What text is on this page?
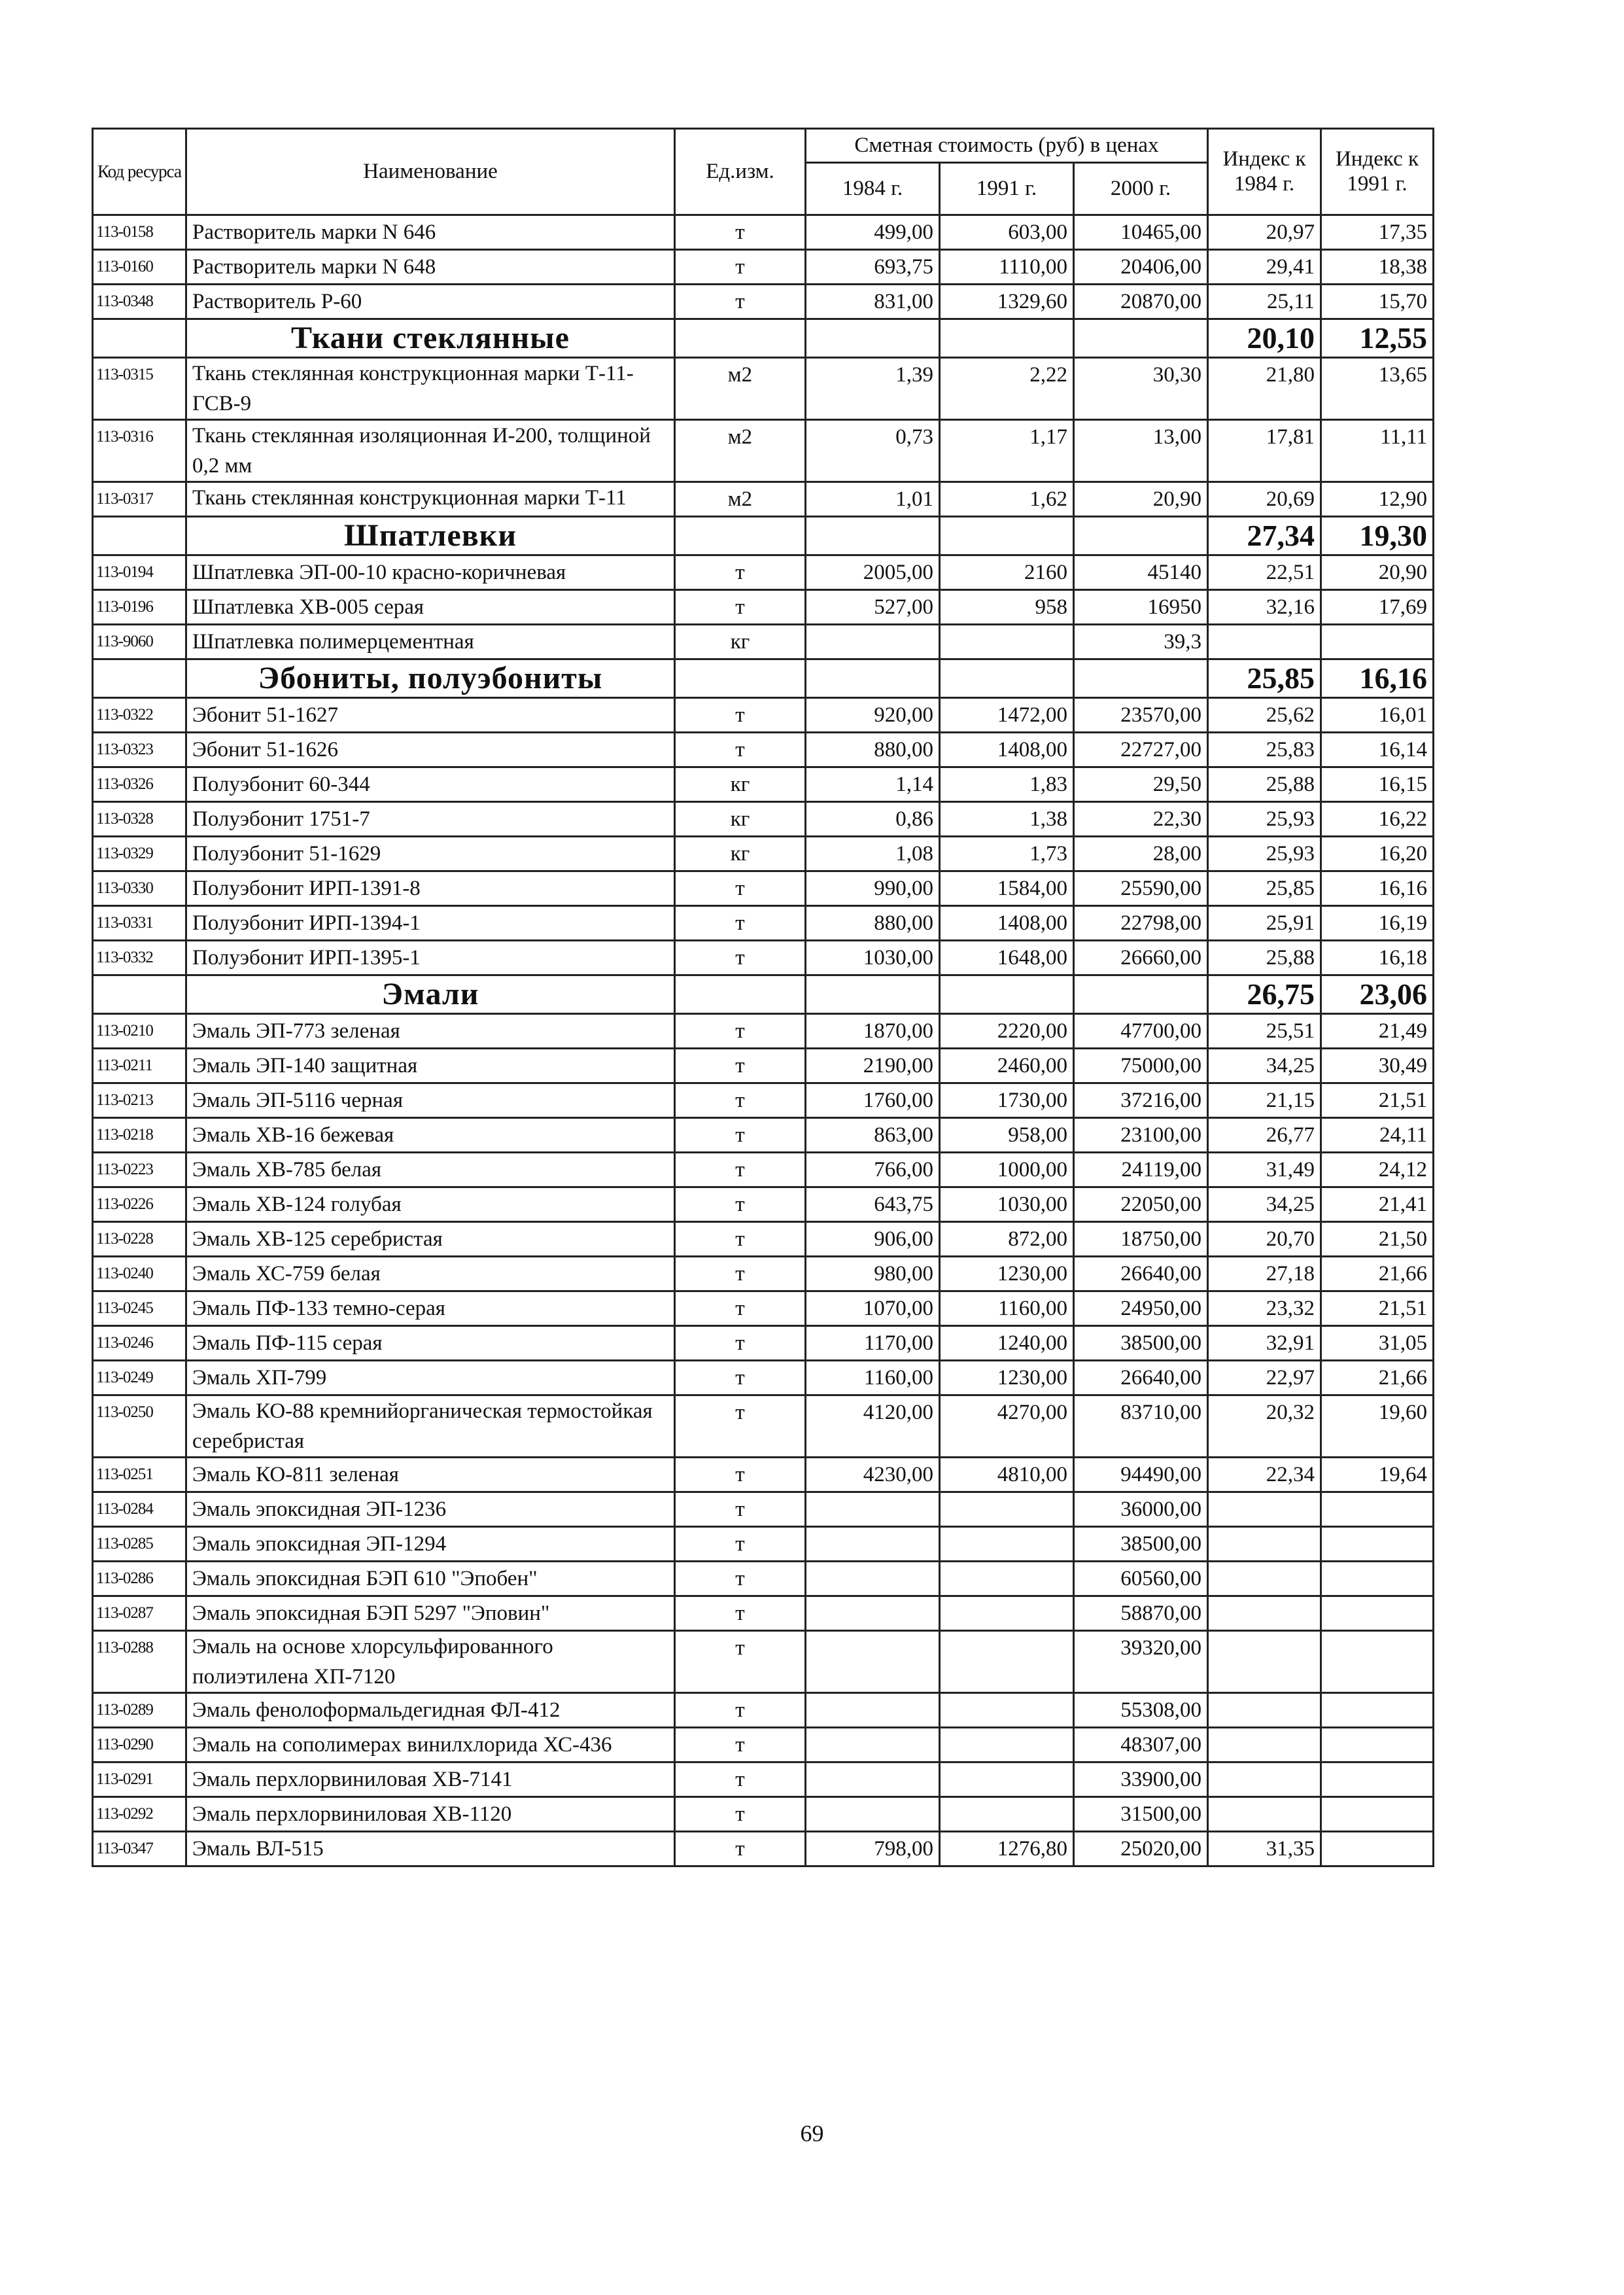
Код ресурса	Наименование	Ед.изм.	Сметная стоимость (руб) в ценах			Индекс к 1984 г.	Индекс к 1991 г.
			1984 г.	1991 г.	2000 г.		
113-0158	Растворитель марки N 646	т	499,00	603,00	10465,00	20,97	17,35
113-0160	Растворитель марки N 648	т	693,75	1110,00	20406,00	29,41	18,38
113-0348	Растворитель Р-60	т	831,00	1329,60	20870,00	25,11	15,70
	Ткани стеклянные					20,10	12,55
113-0315	Ткань стеклянная конструкционная марки Т-11-ГСВ-9	м2	1,39	2,22	30,30	21,80	13,65
113-0316	Ткань стеклянная изоляционная И-200, толщиной 0,2 мм	м2	0,73	1,17	13,00	17,81	11,11
113-0317	Ткань стеклянная конструкционная марки Т-11	м2	1,01	1,62	20,90	20,69	12,90
	Шпатлевки					27,34	19,30
113-0194	Шпатлевка ЭП-00-10 красно-коричневая	т	2005,00	2160	45140	22,51	20,90
113-0196	Шпатлевка ХВ-005 серая	т	527,00	958	16950	32,16	17,69
113-9060	Шпатлевка полимерцементная	кг			39,3		
	Эбониты, полуэбониты					25,85	16,16
113-0322	Эбонит 51-1627	т	920,00	1472,00	23570,00	25,62	16,01
113-0323	Эбонит 51-1626	т	880,00	1408,00	22727,00	25,83	16,14
113-0326	Полуэбонит 60-344	кг	1,14	1,83	29,50	25,88	16,15
113-0328	Полуэбонит 1751-7	кг	0,86	1,38	22,30	25,93	16,22
113-0329	Полуэбонит 51-1629	кг	1,08	1,73	28,00	25,93	16,20
113-0330	Полуэбонит ИРП-1391-8	т	990,00	1584,00	25590,00	25,85	16,16
113-0331	Полуэбонит ИРП-1394-1	т	880,00	1408,00	22798,00	25,91	16,19
113-0332	Полуэбонит ИРП-1395-1	т	1030,00	1648,00	26660,00	25,88	16,18
	Эмали					26,75	23,06
113-0210	Эмаль ЭП-773 зеленая	т	1870,00	2220,00	47700,00	25,51	21,49
113-0211	Эмаль ЭП-140 защитная	т	2190,00	2460,00	75000,00	34,25	30,49
113-0213	Эмаль ЭП-5116 черная	т	1760,00	1730,00	37216,00	21,15	21,51
113-0218	Эмаль ХВ-16 бежевая	т	863,00	958,00	23100,00	26,77	24,11
113-0223	Эмаль ХВ-785 белая	т	766,00	1000,00	24119,00	31,49	24,12
113-0226	Эмаль ХВ-124 голубая	т	643,75	1030,00	22050,00	34,25	21,41
113-0228	Эмаль ХВ-125 серебристая	т	906,00	872,00	18750,00	20,70	21,50
113-0240	Эмаль ХС-759 белая	т	980,00	1230,00	26640,00	27,18	21,66
113-0245	Эмаль ПФ-133 темно-серая	т	1070,00	1160,00	24950,00	23,32	21,51
113-0246	Эмаль ПФ-115 серая	т	1170,00	1240,00	38500,00	32,91	31,05
113-0249	Эмаль ХП-799	т	1160,00	1230,00	26640,00	22,97	21,66
113-0250	Эмаль КО-88 кремнийорганическая термостойкая серебристая	т	4120,00	4270,00	83710,00	20,32	19,60
113-0251	Эмаль КО-811 зеленая	т	4230,00	4810,00	94490,00	22,34	19,64
113-0284	Эмаль эпоксидная ЭП-1236	т			36000,00		
113-0285	Эмаль эпоксидная ЭП-1294	т			38500,00		
113-0286	Эмаль эпоксидная БЭП 610 "Эпобен"	т			60560,00		
113-0287	Эмаль эпоксидная БЭП 5297 "Эповин"	т			58870,00		
113-0288	Эмаль на основе хлорсульфированного полиэтилена ХП-7120	т			39320,00		
113-0289	Эмаль фенолоформальдегидная ФЛ-412	т			55308,00		
113-0290	Эмаль на сополимерах винилхлорида ХС-436	т			48307,00		
113-0291	Эмаль перхлорвиниловая ХВ-7141	т			33900,00		
113-0292	Эмаль перхлорвиниловая ХВ-1120	т			31500,00		
113-0347	Эмаль ВЛ-515	т	798,00	1276,80	25020,00	31,35	
69
